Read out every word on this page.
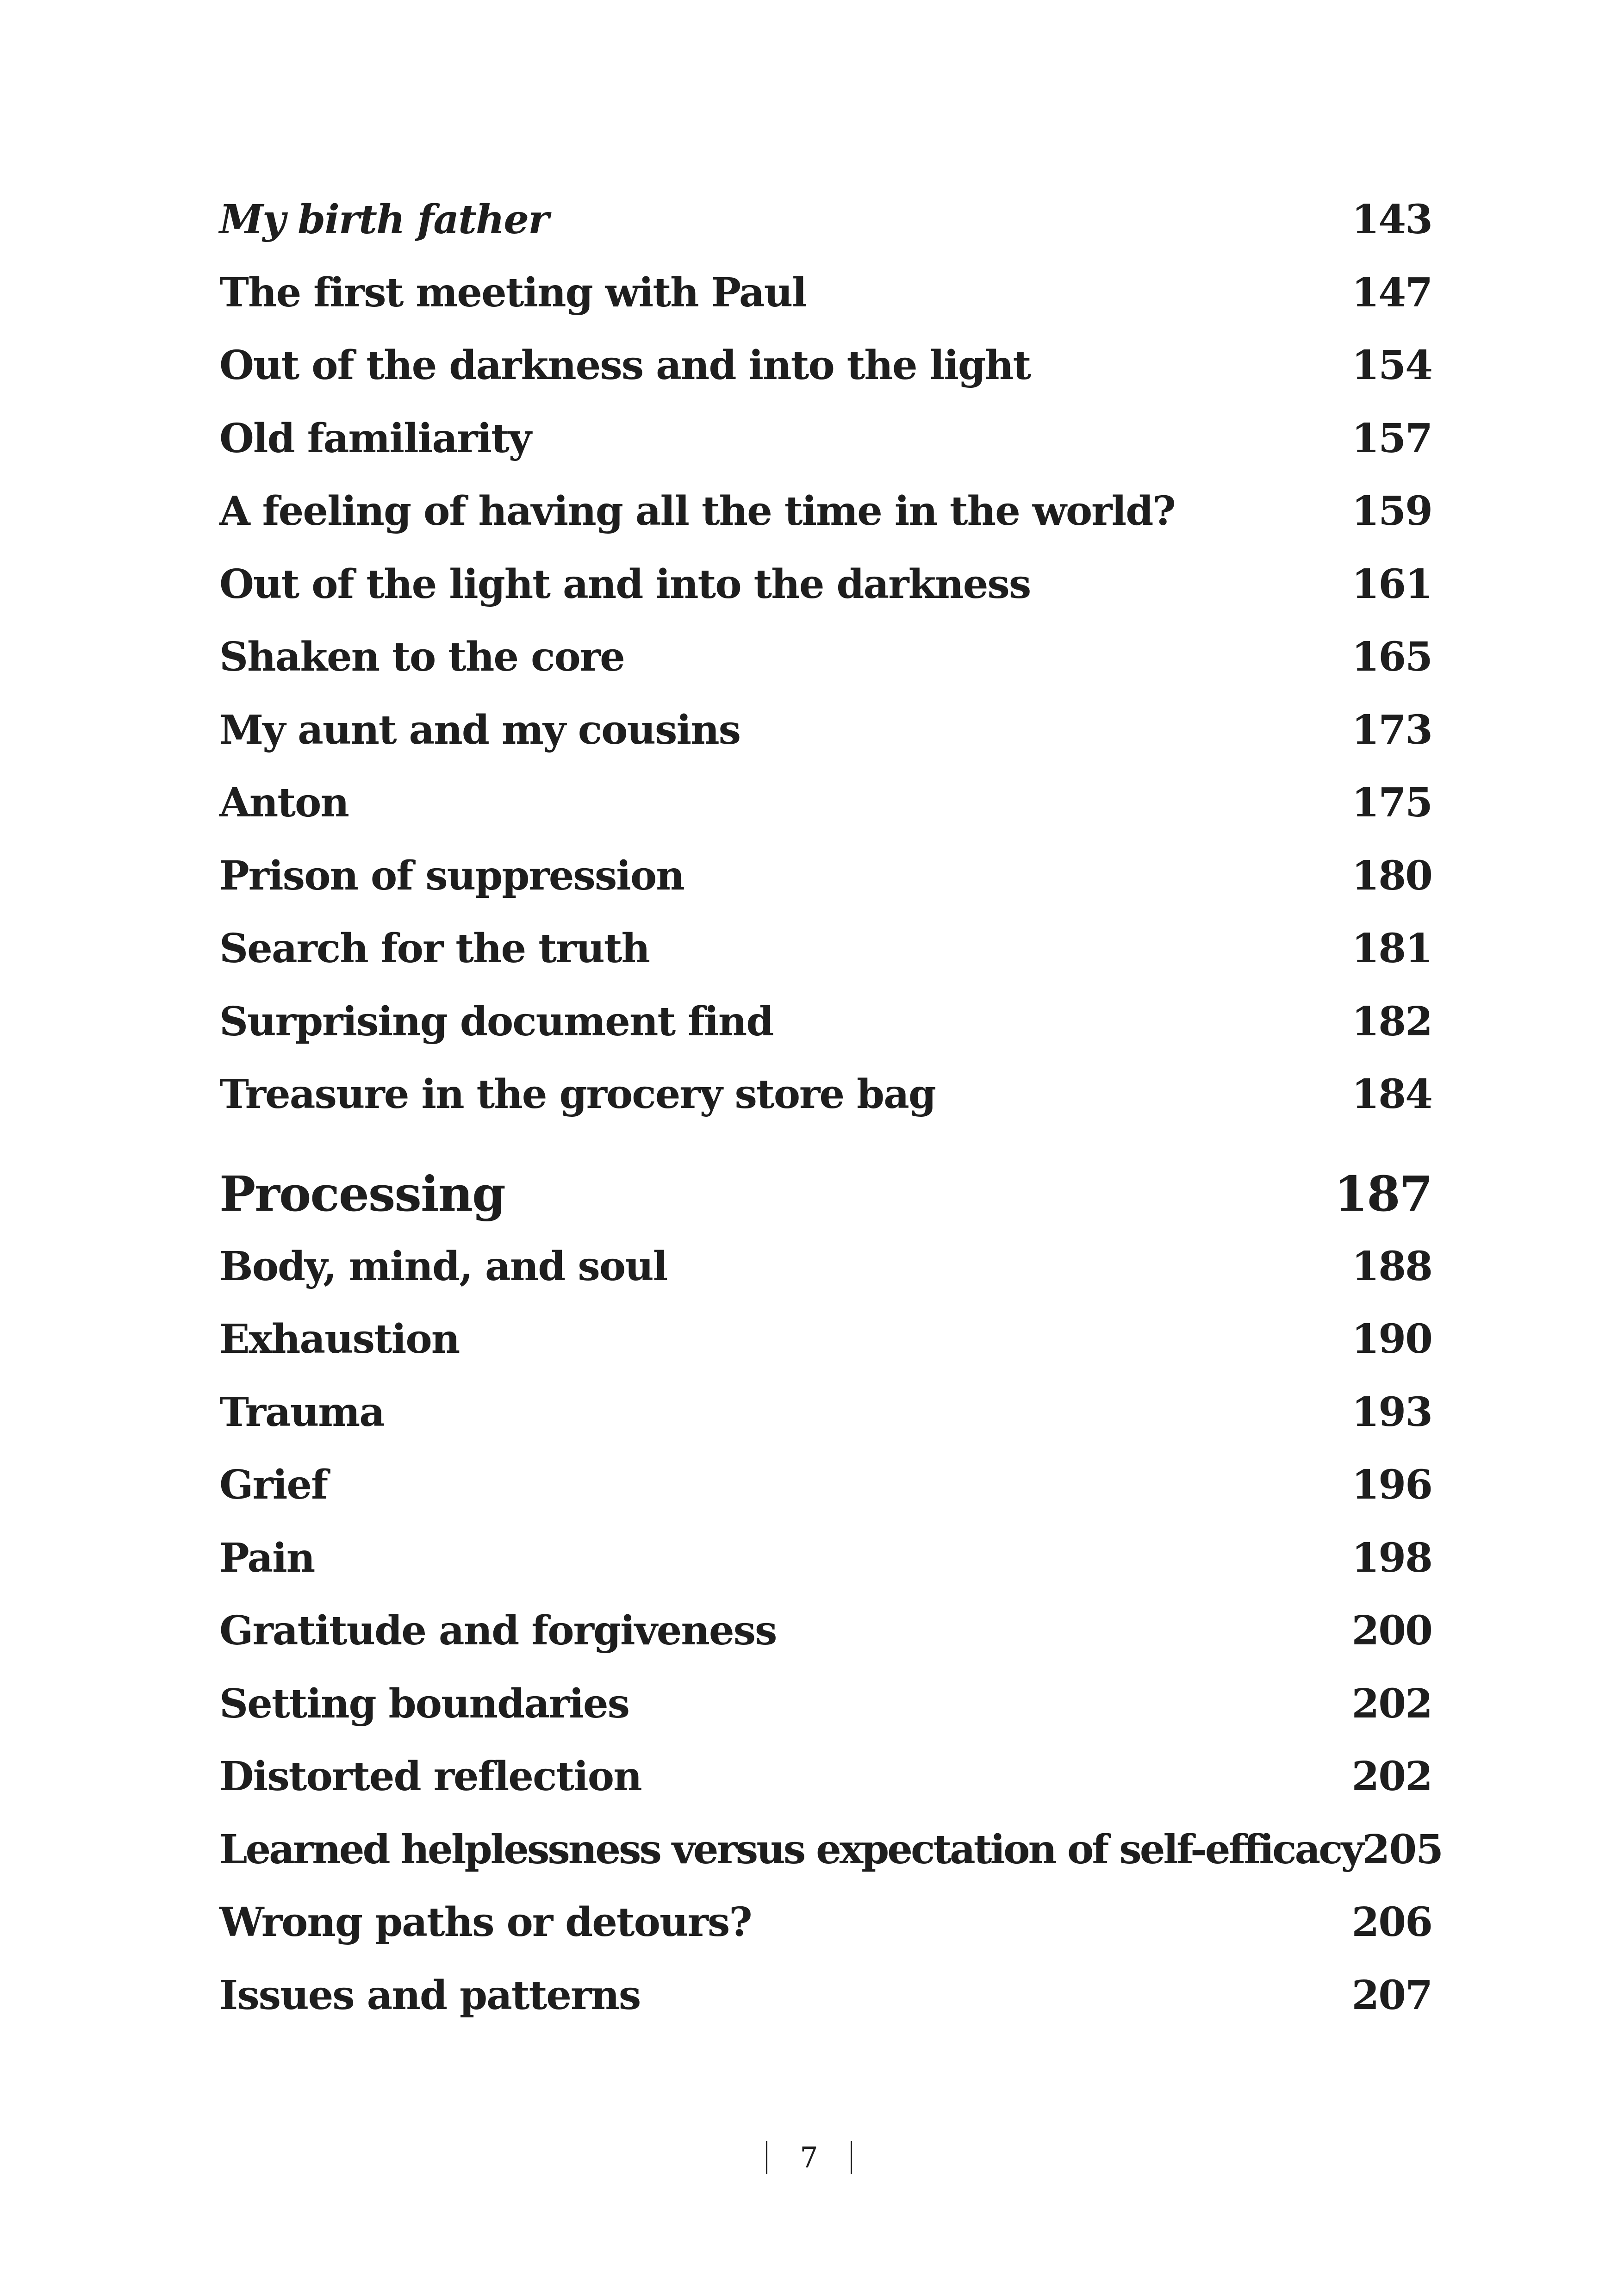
My birth father	143
The first meeting with Paul	147
Out of the darkness and into the light	154
Old familiarity	157
A feeling of having all the time in the world?	159
Out of the light and into the darkness	161
Shaken to the core	165
My aunt and my cousins	173
Anton	175
Prison of suppression	180
Search for the truth	181
Surprising document find	182
Treasure in the grocery store bag	184
Processing	187
Body, mind, and soul	188
Exhaustion	190
Trauma	193
Grief	196
Pain	198
Gratitude and forgiveness	200
Setting boundaries	202
Distorted reflection	202
Learned helplessness versus expectation of self-efficacy 205
Wrong paths or detours?	206
Issues and patterns	207
7
